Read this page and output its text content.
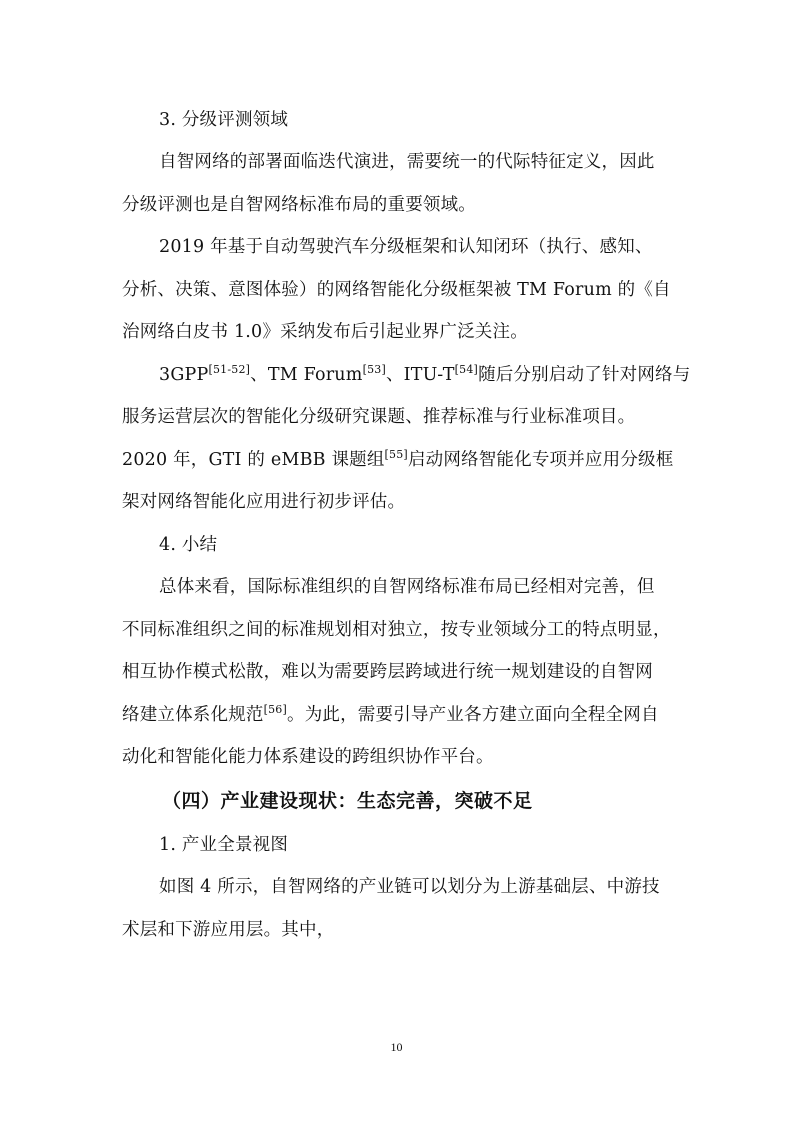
3. 分级评测领域
自智网络的部署面临迭代演进，需要统一的代际特征定义，因此
分级评测也是自智网络标准布局的重要领域。
2019 年基于自动驾驶汽车分级框架和认知闭环（执行、感知、
分析、决策、意图体验）的网络智能化分级框架被 TM Forum 的《自
治网络白皮书 1.0》采纳发布后引起业界广泛关注。
3GPP[51-52]、TM Forum[53]、ITU-T[54]随后分别启动了针对网络与
服务运营层次的智能化分级研究课题、推荐标准与行业标准项目。
2020 年，GTI 的 eMBB 课题组[55]启动网络智能化专项并应用分级框
架对网络智能化应用进行初步评估。
4. 小结
总体来看，国际标准组织的自智网络标准布局已经相对完善，但
不同标准组织之间的标准规划相对独立，按专业领域分工的特点明显，
相互协作模式松散，难以为需要跨层跨域进行统一规划建设的自智网
络建立体系化规范[56]。为此，需要引导产业各方建立面向全程全网自
动化和智能化能力体系建设的跨组织协作平台。
（四）产业建设现状：生态完善，突破不足
1. 产业全景视图
如图 4 所示，自智网络的产业链可以划分为上游基础层、中游技
术层和下游应用层。其中，
10
